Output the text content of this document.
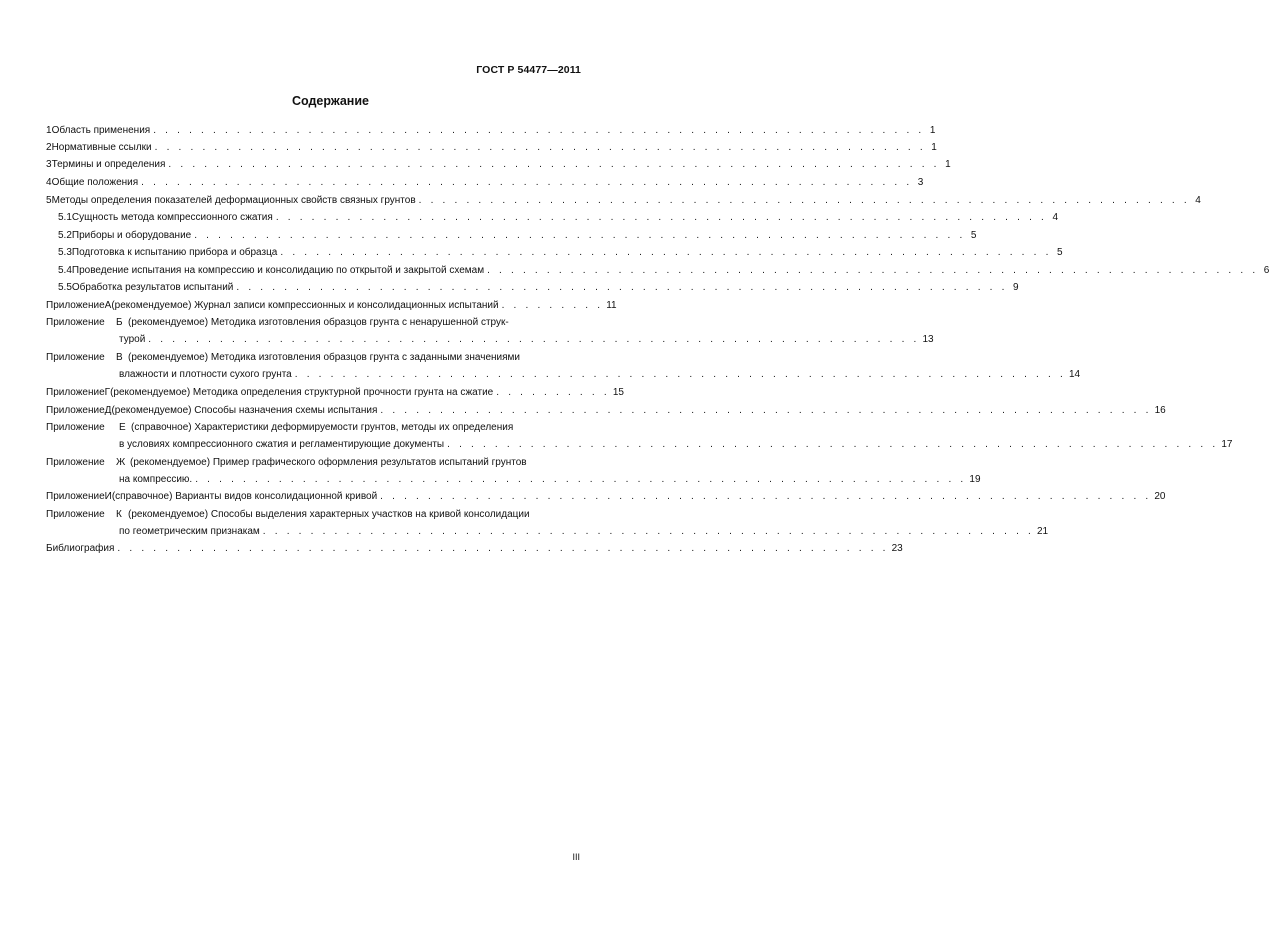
ГОСТ Р 54477—2011
Содержание
1 Область применения . . . . . . . . . . . . . . . . . . . . . . . . . . . . . . . . . . . . . . . . . . . . . . . . . . . . . . . . . . . . . . . . . 1
2 Нормативные ссылки . . . . . . . . . . . . . . . . . . . . . . . . . . . . . . . . . . . . . . . . . . . . . . . . . . . . . . . . . . . . . . . . . 1
3 Термины и определения . . . . . . . . . . . . . . . . . . . . . . . . . . . . . . . . . . . . . . . . . . . . . . . . . . . . . . . . . . . . . . . . . 1
4 Общие положения . . . . . . . . . . . . . . . . . . . . . . . . . . . . . . . . . . . . . . . . . . . . . . . . . . . . . . . . . . . . . . . . . 3
5 Методы определения показателей деформационных свойств связных грунтов . . . . . . . . . . . . . . . . . . . . . . . . . . . . . . . . . . . . . . . . . . . . . . . . . . . . . . . . . . . . . . . . . 4
5.1 Сущность метода компрессионного сжатия . . . . . . . . . . . . . . . . . . . . . . . . . . . . . . . . . . . . . . . . . . . . . . . . . . . . . . . . . . . . . . . . . 4
5.2 Приборы и оборудование . . . . . . . . . . . . . . . . . . . . . . . . . . . . . . . . . . . . . . . . . . . . . . . . . . . . . . . . . . . . . . . . . 5
5.3 Подготовка к испытанию прибора и образца . . . . . . . . . . . . . . . . . . . . . . . . . . . . . . . . . . . . . . . . . . . . . . . . . . . . . . . . . . . . . . . . . 5
5.4 Проведение испытания на компрессию и консолидацию по открытой и закрытой схемам . . . . . . . . . . . . . . . . . . . . . . . . . . . . . . . . . . . . . . . . . . . . . . . . . . . . . . . . . . . . . . . . . 6
5.5 Обработка результатов испытаний . . . . . . . . . . . . . . . . . . . . . . . . . . . . . . . . . . . . . . . . . . . . . . . . . . . . . . . . . . . . . . . . . 9
Приложение А (рекомендуемое) Журнал записи компрессионных и консолидационных испытаний . . . . . . . . . 11
Приложение	Б (рекомендуемое) Методика изготовления образцов грунта с ненарушенной струк-
турой . . . . . . . . . . . . . . . . . . . . . . . . . . . . . . . . . . . . . . . . . . . . . . . . . . . . . . . . . . . . . . . . . 13
Приложение	В (рекомендуемое) Методика изготовления образцов грунта с заданными значениями
влажности и плотности сухого грунта . . . . . . . . . . . . . . . . . . . . . . . . . . . . . . . . . . . . . . . . . . . . . . . . . . . . . . . . . . . . . . . . . 14
Приложение Г (рекомендуемое) Методика определения структурной прочности грунта на сжатие . . . . . . . . . . 15
Приложение Д (рекомендуемое) Способы назначения схемы испытания . . . . . . . . . . . . . . . . . . . . . . . . . . . . . . . . . . . . . . . . . . . . . . . . . . . . . . . . . . . . . . . . . 16
Приложение	Е (справочное) Характеристики деформируемости грунтов, методы их определения
в условиях компрессионного сжатия и регламентирующие документы . . . . . . . . . . . . . . . . . . . . . . . . . . . . . . . . . . . . . . . . . . . . . . . . . . . . . . . . . . . . . . . . . 17
Приложение	Ж (рекомендуемое) Пример графического оформления результатов испытаний грунтов
на компрессию. . . . . . . . . . . . . . . . . . . . . . . . . . . . . . . . . . . . . . . . . . . . . . . . . . . . . . . . . . . . . . . . . . 19
Приложение И (справочное) Варианты видов консолидационной кривой . . . . . . . . . . . . . . . . . . . . . . . . . . . . . . . . . . . . . . . . . . . . . . . . . . . . . . . . . . . . . . . . . 20
Приложение	К (рекомендуемое) Способы выделения характерных участков на кривой консолидации
по геометрическим признакам . . . . . . . . . . . . . . . . . . . . . . . . . . . . . . . . . . . . . . . . . . . . . . . . . . . . . . . . . . . . . . . . . 21
Библиография . . . . . . . . . . . . . . . . . . . . . . . . . . . . . . . . . . . . . . . . . . . . . . . . . . . . . . . . . . . . . . . . . 23
III
